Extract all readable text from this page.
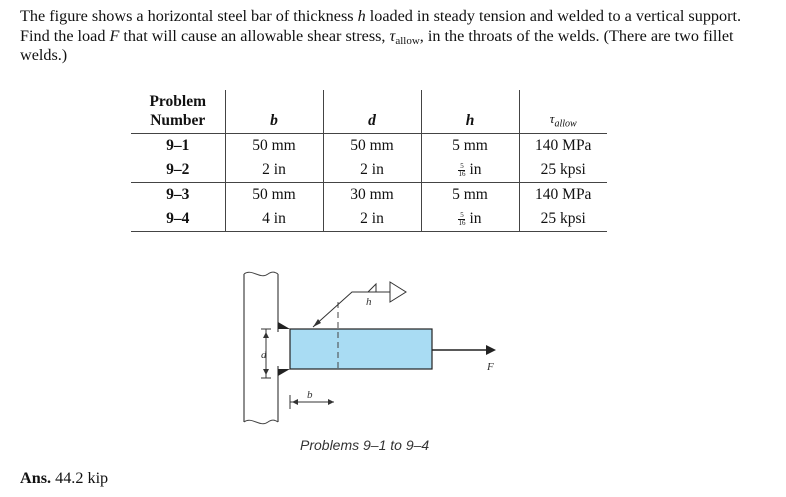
The figure shows a horizontal steel bar of thickness h loaded in steady tension and welded to a vertical support. Find the load F that will cause an allowable shear stress, $\tau_{allow}$, in the throats of the welds. (There are two fillet welds.)
Problem Number	b	d	h	$\tau_{allow}$
9–1	50 mm	50 mm	5 mm	140 MPa
9–2	2 in	2 in	$\frac{5}{16}$ in	25 kpsi
9–3	50 mm	30 mm	5 mm	140 MPa
9–4	4 in	2 in	$\frac{5}{16}$ in	25 kpsi
h
d
b
F
Problems 9–1 to 9–4
Ans. 44.2 kip
